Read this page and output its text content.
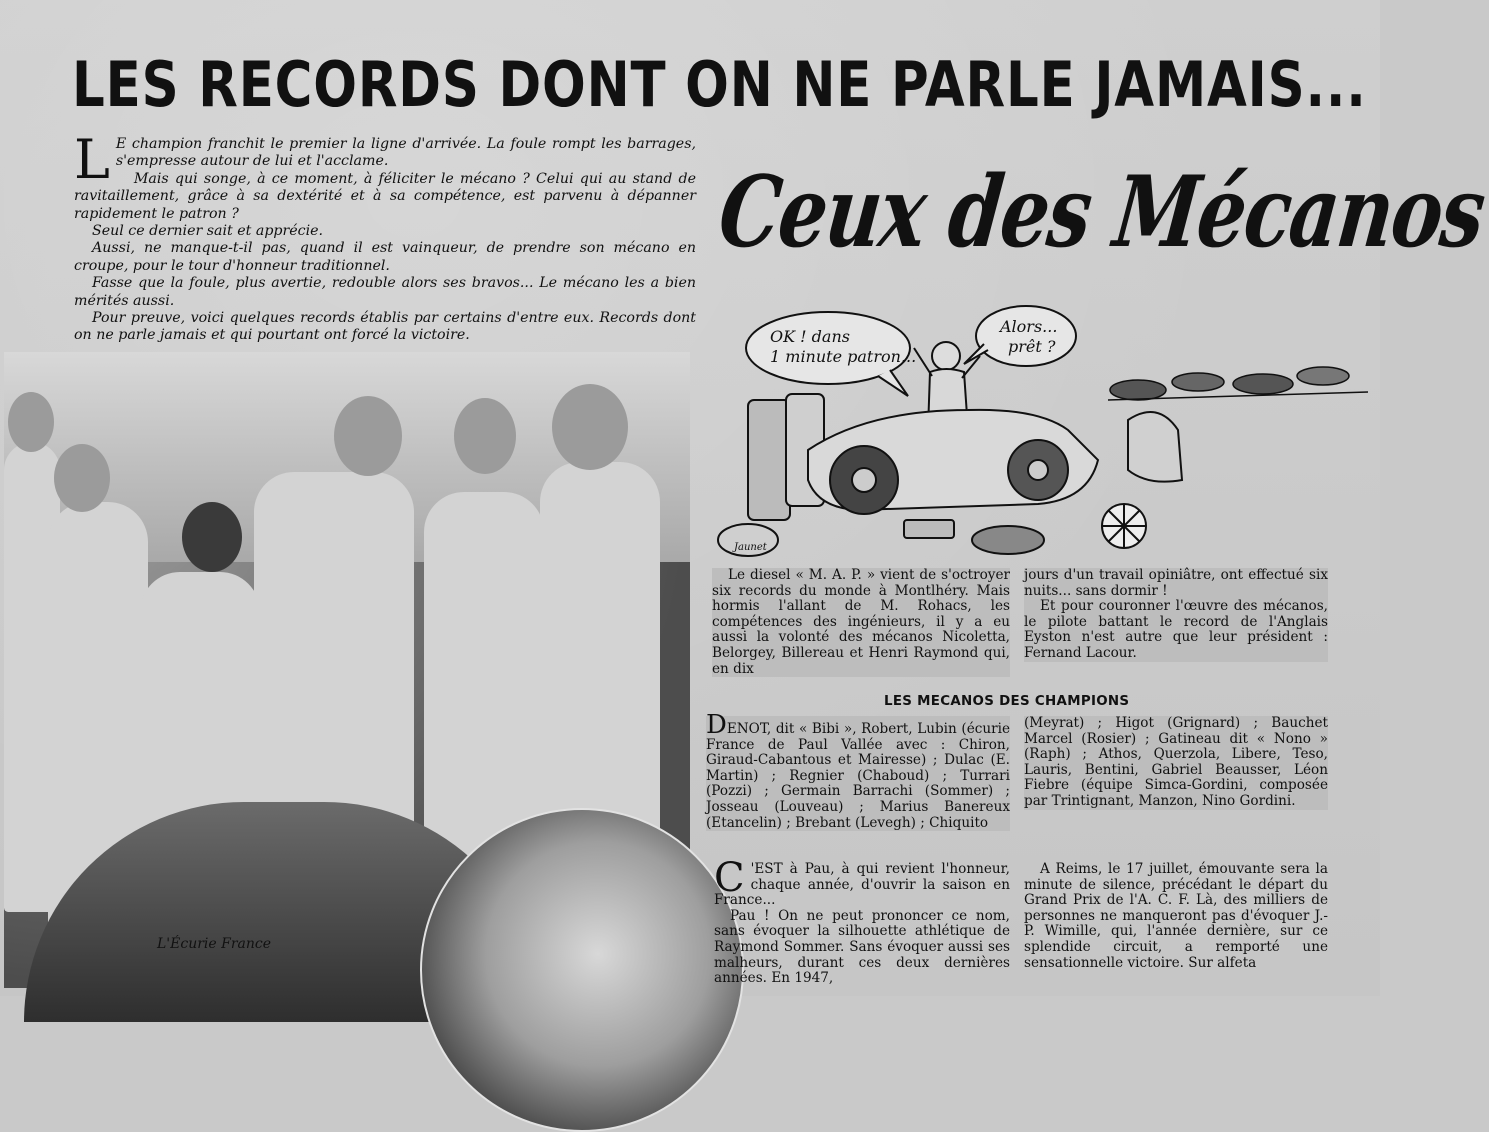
LES RECORDS DONT ON NE PARLE JAMAIS...

L E champion franchit le premier la ligne d'arrivée. La foule rompt les barrages, s'empresse autour de lui et l'acclame.

Mais qui songe, à ce moment, à féliciter le mécano ? Celui qui au stand de ravitaillement, grâce à sa dextérité et à sa compétence, est parvenu à dépanner rapidement le patron ?

Seul ce dernier sait et apprécie.

Aussi, ne manque-t-il pas, quand il est vainqueur, de prendre son mécano en croupe, pour le tour d'honneur traditionnel.

Fasse que la foule, plus avertie, redouble alors ses bravos... Le mécano les a bien mérités aussi.

Pour preuve, voici quelques records établis par certains d'entre eux. Records dont on ne parle jamais et qui pourtant ont forcé la victoire.

Ceux des Mécanos
OK ! dans
1 minute patron...
Alors...
prêt ?
Jaunet
L'Écurie France

Le diesel « M. A. P. » vient de s'octroyer six records du monde à Montlhéry. Mais hormis l'allant de M. Rohacs, les compétences des ingénieurs, il y a eu aussi la volonté des mécanos Nicoletta, Belorgey, Billereau et Henri Raymond qui, en dix

jours d'un travail opiniâtre, ont effectué six nuits... sans dormir !

Et pour couronner l'œuvre des mécanos, le pilote battant le record de l'Anglais Eyston n'est autre que leur président : Fernand Lacour.

LES MECANOS DES CHAMPIONS

DENOT, dit « Bibi », Robert, Lubin (écurie France de Paul Vallée avec : Chiron, Giraud-Cabantous et Mairesse) ; Dulac (E. Martin) ; Regnier (Chaboud) ; Turrari (Pozzi) ; Germain Barrachi (Sommer) ; Josseau (Louveau) ; Marius Banereux (Etancelin) ; Brebant (Levegh) ; Chiquito

(Meyrat) ; Higot (Grignard) ; Bauchet Marcel (Rosier) ; Gatineau dit « Nono » (Raph) ; Athos, Querzola, Libere, Teso, Lauris, Bentini, Gabriel Beausser, Léon Fiebre (équipe Simca-Gordini, composée par Trintignant, Manzon, Nino Gordini.

C 'EST à Pau, à qui revient l'honneur, chaque année, d'ouvrir la saison en France...

Pau ! On ne peut prononcer ce nom, sans évoquer la silhouette athlétique de Raymond Sommer. Sans évoquer aussi ses malheurs, durant ces deux dernières années. En 1947,

A Reims, le 17 juillet, émouvante sera la minute de silence, précédant le départ du Grand Prix de l'A. C. F. Là, des milliers de personnes ne manqueront pas d'évoquer J.-P. Wimille, qui, l'année dernière, sur ce splendide circuit, a remporté une sensationnelle victoire. Sur alfeta
